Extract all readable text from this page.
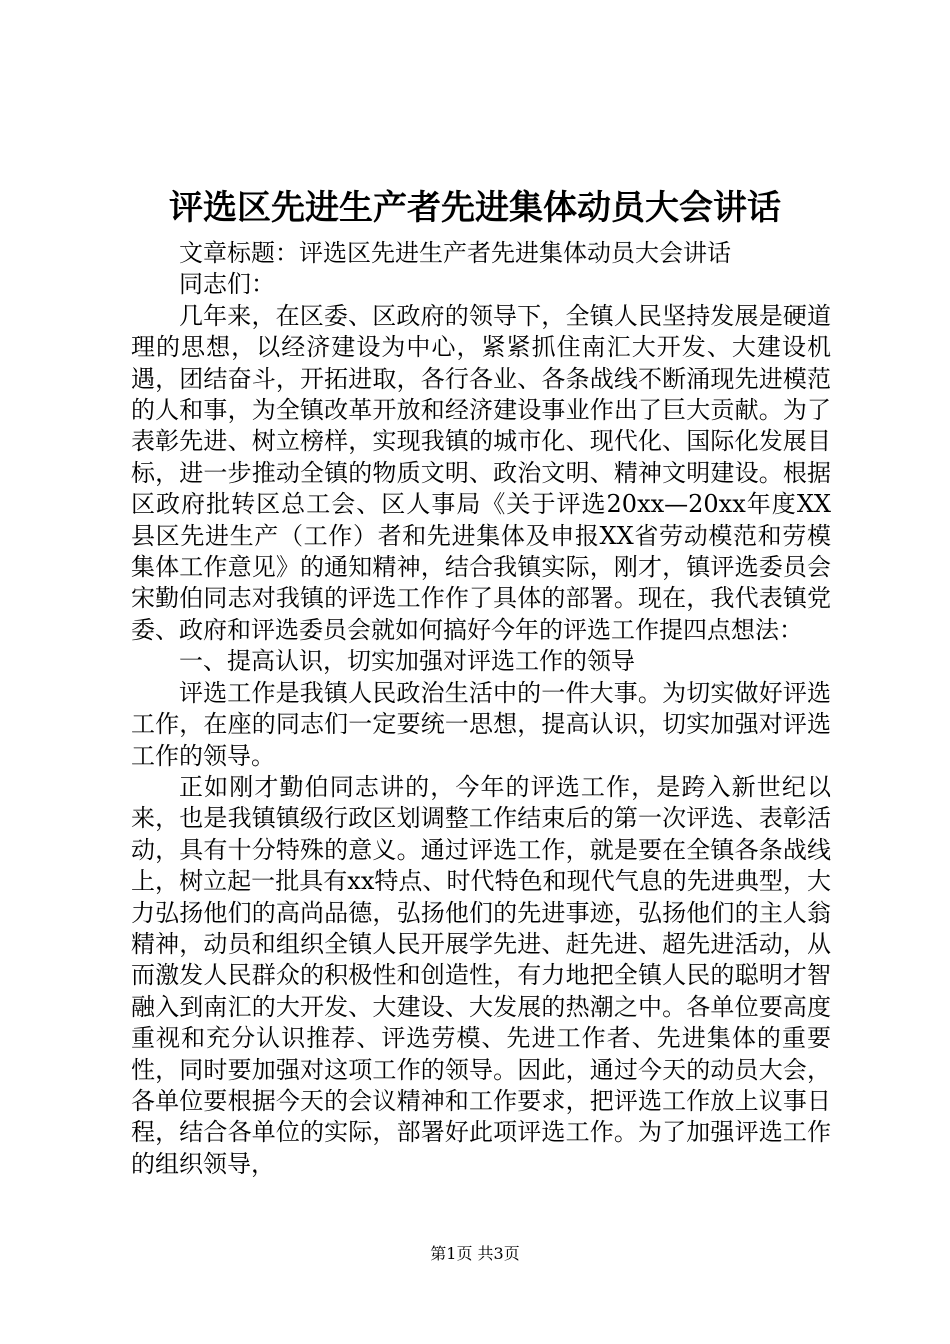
评选区先进生产者先进集体动员大会讲话

文章标题：评选区先进生产者先进集体动员大会讲话

同志们：

几年来，在区委、区政府的领导下，全镇人民坚持发展是硬道理的思想，以经济建设为中心，紧紧抓住南汇大开发、大建设机遇，团结奋斗，开拓进取，各行各业、各条战线不断涌现先进模范的人和事，为全镇改革开放和经济建设事业作出了巨大贡献。为了表彰先进、树立榜样，实现我镇的城市化、现代化、国际化发展目标，进一步推动全镇的物质文明、政治文明、精神文明建设。根据区政府批转区总工会、区人事局《关于评选20xx—20xx年度XX县区先进生产（工作）者和先进集体及申报XX省劳动模范和劳模集体工作意见》的通知精神，结合我镇实际，刚才，镇评选委员会宋勤伯同志对我镇的评选工作作了具体的部署。现在，我代表镇党委、政府和评选委员会就如何搞好今年的评选工作提四点想法：

一、提高认识，切实加强对评选工作的领导

评选工作是我镇人民政治生活中的一件大事。为切实做好评选工作，在座的同志们一定要统一思想，提高认识，切实加强对评选工作的领导。

正如刚才勤伯同志讲的，今年的评选工作，是跨入新世纪以来，也是我镇镇级行政区划调整工作结束后的第一次评选、表彰活动，具有十分特殊的意义。通过评选工作，就是要在全镇各条战线上，树立起一批具有xx特点、时代特色和现代气息的先进典型，大力弘扬他们的高尚品德，弘扬他们的先进事迹，弘扬他们的主人翁精神，动员和组织全镇人民开展学先进、赶先进、超先进活动，从而激发人民群众的积极性和创造性，有力地把全镇人民的聪明才智融入到南汇的大开发、大建设、大发展的热潮之中。各单位要高度重视和充分认识推荐、评选劳模、先进工作者、先进集体的重要性，同时要加强对这项工作的领导。因此，通过今天的动员大会，各单位要根据今天的会议精神和工作要求，把评选工作放上议事日程，结合各单位的实际，部署好此项评选工作。为了加强评选工作的组织领导，

第1页 共3页
